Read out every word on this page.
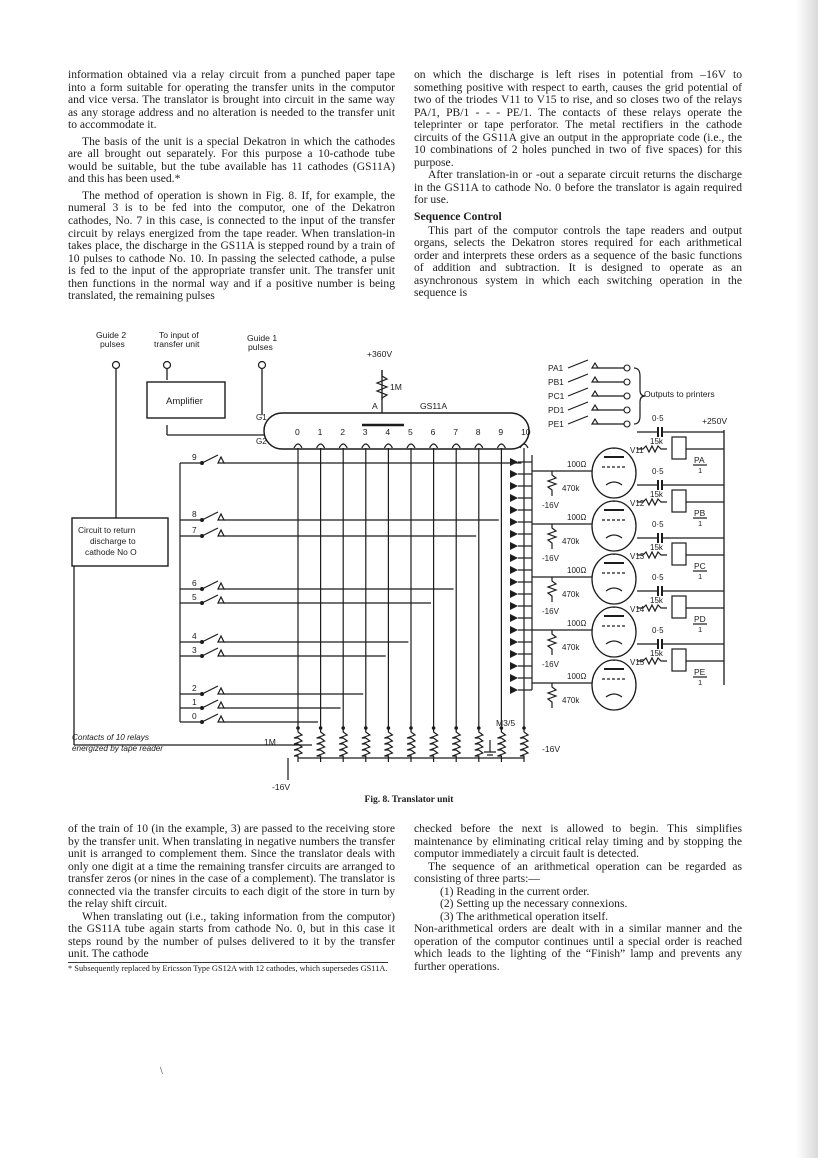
information obtained via a relay circuit from a punched paper tape into a form suitable for operating the transfer units in the computor and vice versa. The translator is brought into circuit in the same way as any storage address and no alteration is needed to the transfer unit to accommodate it.

The basis of the unit is a special Dekatron in which the cathodes are all brought out separately. For this purpose a 10-cathode tube would be suitable, but the tube available has 11 cathodes (GS11A) and this has been used.*

The method of operation is shown in Fig. 8. If, for example, the numeral 3 is to be fed into the computor, one of the Dekatron cathodes, No. 7 in this case, is connected to the input of the transfer circuit by relays energized from the tape reader. When translation-in takes place, the discharge in the GS11A is stepped round by a train of 10 pulses to cathode No. 10. In passing the selected cathode, a pulse is fed to the input of the appropriate transfer unit. The transfer unit then functions in the normal way and if a positive number is being translated, the remaining pulses

on which the discharge is left rises in potential from –16V to something positive with respect to earth, causes the grid potential of two of the triodes V11 to V15 to rise, and so closes two of the relays PA/1, PB/1 - - - PE/1. The contacts of these relays operate the teleprinter or tape perforator. The metal rectifiers in the cathode circuits of the GS11A give an output in the appropriate code (i.e., the 10 combinations of 2 holes punched in two of five spaces) for this purpose.

After translation-in or -out a separate circuit returns the discharge in the GS11A to cathode No. 0 before the translator is again required for use.

Sequence Control

This part of the computor controls the tape readers and output organs, selects the Dekatron stores required for each arithmetical order and interprets these orders as a sequence of the basic functions of addition and subtraction. It is designed to operate as an asynchronous system in which each switching operation in the sequence is

Guide 2
pulses
To input of
transfer unit
Guide 1
pulses
Amplifier
Circuit to return
discharge to
cathode No O
+360V
1M
A	GS11A
G1
G2
0 1 2 3 4 5 6 7 8 9 10
9
8
7
6
5
4
3
2
1
0
1M
-16V
M3/5
Contacts of 10 relays
energized by tape reader
Outputs to printers
PA1
PB1
PC1
PD1
PE1	+250V
-16V
100Ω
470k
V11
0·5
15k
PA
1
100Ω
470k
-16V	V12
0·5
15k
PB
1
100Ω
470k
-16V	V13
0·5
15k
PC
1
100Ω
470k
-16V	V14
0·5
15k
PD
1
100Ω
470k
-16V	V15
0·5
15k
PE
1
Fig. 8. Translator unit

of the train of 10 (in the example, 3) are passed to the receiving store by the transfer unit. When translating in negative numbers the transfer unit is arranged to complement them. Since the translator deals with only one digit at a time the remaining transfer circuits are arranged to transfer zeros (or nines in the case of a complement). The translator is connected via the transfer circuits to each digit of the store in turn by the relay shift circuit.

When translating out (i.e., taking information from the computor) the GS11A tube again starts from cathode No. 0, but in this case it steps round by the number of pulses delivered to it by the transfer unit. The cathode

* Subsequently replaced by Ericsson Type GS12A with 12 cathodes, which supersedes GS11A.

checked before the next is allowed to begin. This simplifies maintenance by eliminating critical relay timing and by stopping the computor immediately a circuit fault is detected.

The sequence of an arithmetical operation can be regarded as consisting of three parts:—

(1) Reading in the current order.

(2) Setting up the necessary connexions.

(3) The arithmetical operation itself.

Non-arithmetical orders are dealt with in a similar manner and the operation of the computor continues until a special order is reached which leads to the lighting of the “Finish” lamp and prevents any further operations.

\
